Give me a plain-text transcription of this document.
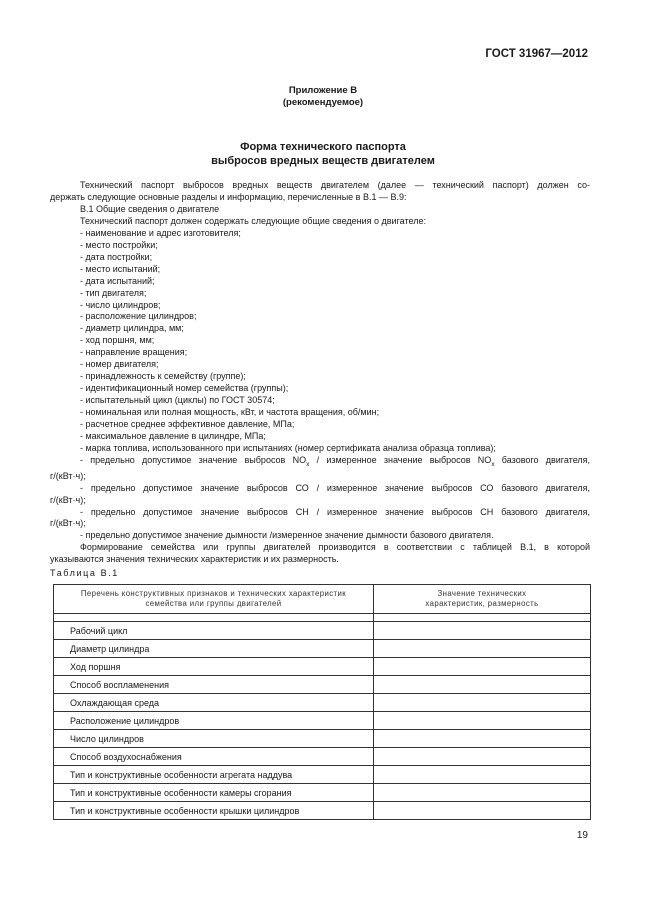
ГОСТ 31967—2012
Приложение В
(рекомендуемое)
Форма технического паспорта
выбросов вредных веществ двигателем

Технический паспорт выбросов вредных веществ двигателем (далее — технический паспорт) должен со-

держать следующие основные разделы и информацию, перечисленные в В.1 — В.9:

В.1 Общие сведения о двигателе

Технический паспорт должен содержать следующие общие сведения о двигателе:

- наименование и адрес изготовителя;

- место постройки;

- дата постройки;

- место испытаний;

- дата испытаний;

- тип двигателя;

- число цилиндров;

- расположение цилиндров;

- диаметр цилиндра, мм;

- ход поршня, мм;

- направление вращения;

- номер двигателя;

- принадлежность к семейству (группе);

- идентификационный номер семейства (группы);

- испытательный цикл (циклы) по ГОСТ 30574;

- номинальная или полная мощность, кВт, и частота вращения, об/мин;

- расчетное среднее эффективное давление, МПа;

- максимальное давление в цилиндре, МПа;

- марка топлива, использованного при испытаниях (номер сертификата анализа образца топлива);

- предельно допустимое значение выбросов $NO_x$ / измеренное значение выбросов $NO_x$ базового двигателя,

г/(кВт·ч);

- предельно допустимое значение выбросов СО / измеренное значение выбросов СО базового двигателя,

г/(кВт·ч);

- предельно допустимое значение выбросов СН / измеренное значение выбросов СН базового двигателя,

г/(кВт·ч);

- предельно допустимое значение дымности /измеренное значение дымности базового двигателя.

Формирование семейства или группы двигателей производится в соответствии с таблицей В.1, в которой

указываются значения технических характеристик и их размерность.

Таблица В.1
Перечень конструктивных признаков и технических характеристик
семейства или группы двигателей	Значение технических
характеристик, размерность

Рабочий цикл	
Диаметр цилиндра	
Ход поршня	
Способ воспламенения	
Охлаждающая среда	
Расположение цилиндров	
Число цилиндров	
Способ воздухоснабжения	
Тип и конструктивные особенности агрегата наддува	
Тип и конструктивные особенности камеры сгорания	
Тип и конструктивные особенности крышки цилиндров	
19
